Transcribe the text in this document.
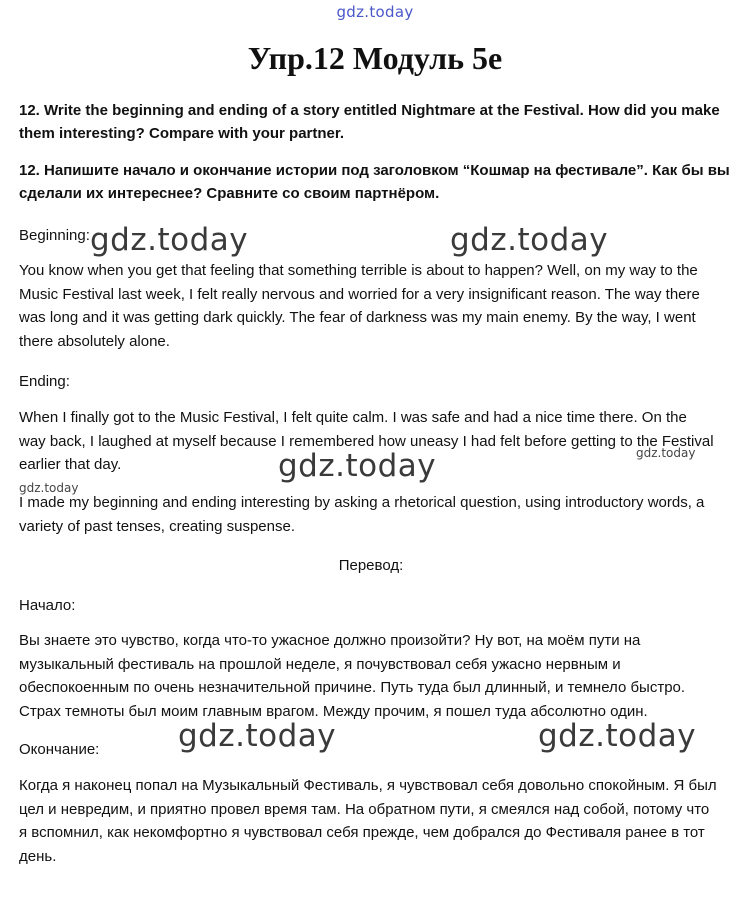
gdz.today
Упр.12 Модуль 5е

12. Write the beginning and ending of a story entitled Nightmare at the Festival. How did you make them interesting? Compare with your partner.

12. Напишите начало и окончание истории под заголовком “Кошмар на фестивале”. Как бы вы сделали их интереснее? Сравните со своим партнёром.

Beginning:

You know when you get that feeling that something terrible is about to happen? Well, on my way to the
Music Festival last week, I felt really nervous and worried for a very insignificant reason. The way there
was long and it was getting dark quickly. The fear of darkness was my main enemy. By the way, I went
there absolutely alone.

Ending:

When I finally got to the Music Festival, I felt quite calm. I was safe and had a nice time there. On the
way back, I laughed at myself because I remembered how uneasy I had felt before getting to the Festival
earlier that day.

I made my beginning and ending interesting by asking a rhetorical question, using introductory words, a
variety of past tenses, creating suspense.

Перевод:

Начало:

Вы знаете это чувство, когда что-то ужасное должно произойти? Ну вот, на моём пути на
музыкальный фестиваль на прошлой неделе, я почувствовал себя ужасно нервным и
обеспокоенным по очень незначительной причине. Путь туда был длинный, и темнело быстро.
Страх темноты был моим главным врагом. Между прочим, я пошел туда абсолютно один.

Окончание:

Когда я наконец попал на Музыкальный Фестиваль, я чувствовал себя довольно спокойным. Я был
цел и невредим, и приятно провел время там. На обратном пути, я смеялся над собой, потому что
я вспомнил, как некомфортно я чувствовал себя прежде, чем добрался до Фестиваля ранее в тот
день.

gdz.today	gdz.today
gdz.today	gdz.today
gdz.today
gdz.today	gdz.today
